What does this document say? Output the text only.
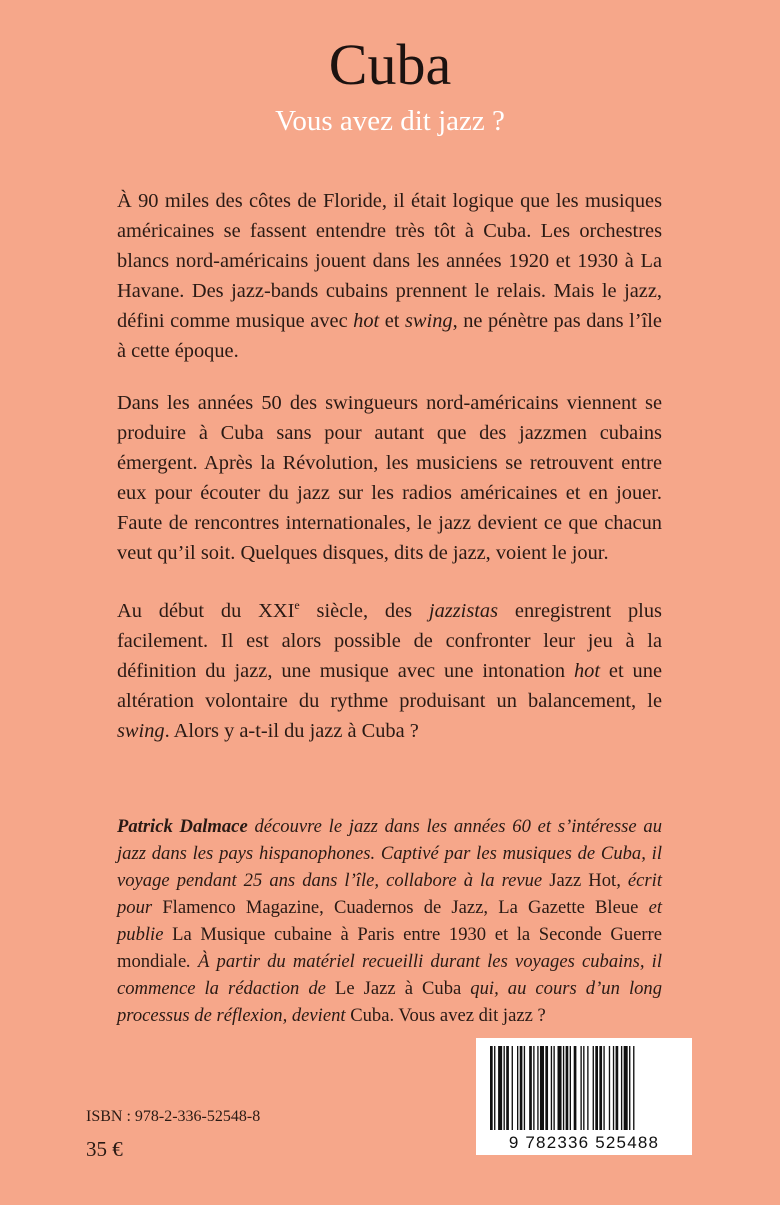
Cuba
Vous avez dit jazz ?

À 90 miles des côtes de Floride, il était logique que les musiques américaines se fassent entendre très tôt à Cuba. Les orchestres blancs nord-américains jouent dans les années 1920 et 1930 à La Havane. Des jazz-bands cubains prennent le relais. Mais le jazz, défini comme musique avec hot et swing, ne pénètre pas dans l’île à cette époque.

Dans les années 50 des swingueurs nord-américains viennent se produire à Cuba sans pour autant que des jazzmen cubains émergent. Après la Révolution, les musiciens se retrouvent entre eux pour écouter du jazz sur les radios américaines et en jouer. Faute de rencontres internationales, le jazz devient ce que chacun veut qu’il soit. Quelques disques, dits de jazz, voient le jour.

Au début du XXIe siècle, des jazzistas enregistrent plus facilement. Il est alors possible de confronter leur jeu à la définition du jazz, une musique avec une intonation hot et une altération volontaire du rythme produisant un balancement, le swing. Alors y a-t-il du jazz à Cuba ?

Patrick Dalmace découvre le jazz dans les années 60 et s’intéresse au jazz dans les pays hispanophones. Captivé par les musiques de Cuba, il voyage pendant 25 ans dans l’île, collabore à la revue Jazz Hot, écrit pour Flamenco Magazine, Cuadernos de Jazz, La Gazette Bleue et publie La Musique cubaine à Paris entre 1930 et la Seconde Guerre mondiale. À partir du matériel recueilli durant les voyages cubains, il commence la rédaction de Le Jazz à Cuba qui, au cours d’un long processus de réflexion, devient Cuba. Vous avez dit jazz ?

ISBN : 978-2-336-52548-8
35 €	9 782336 525488
